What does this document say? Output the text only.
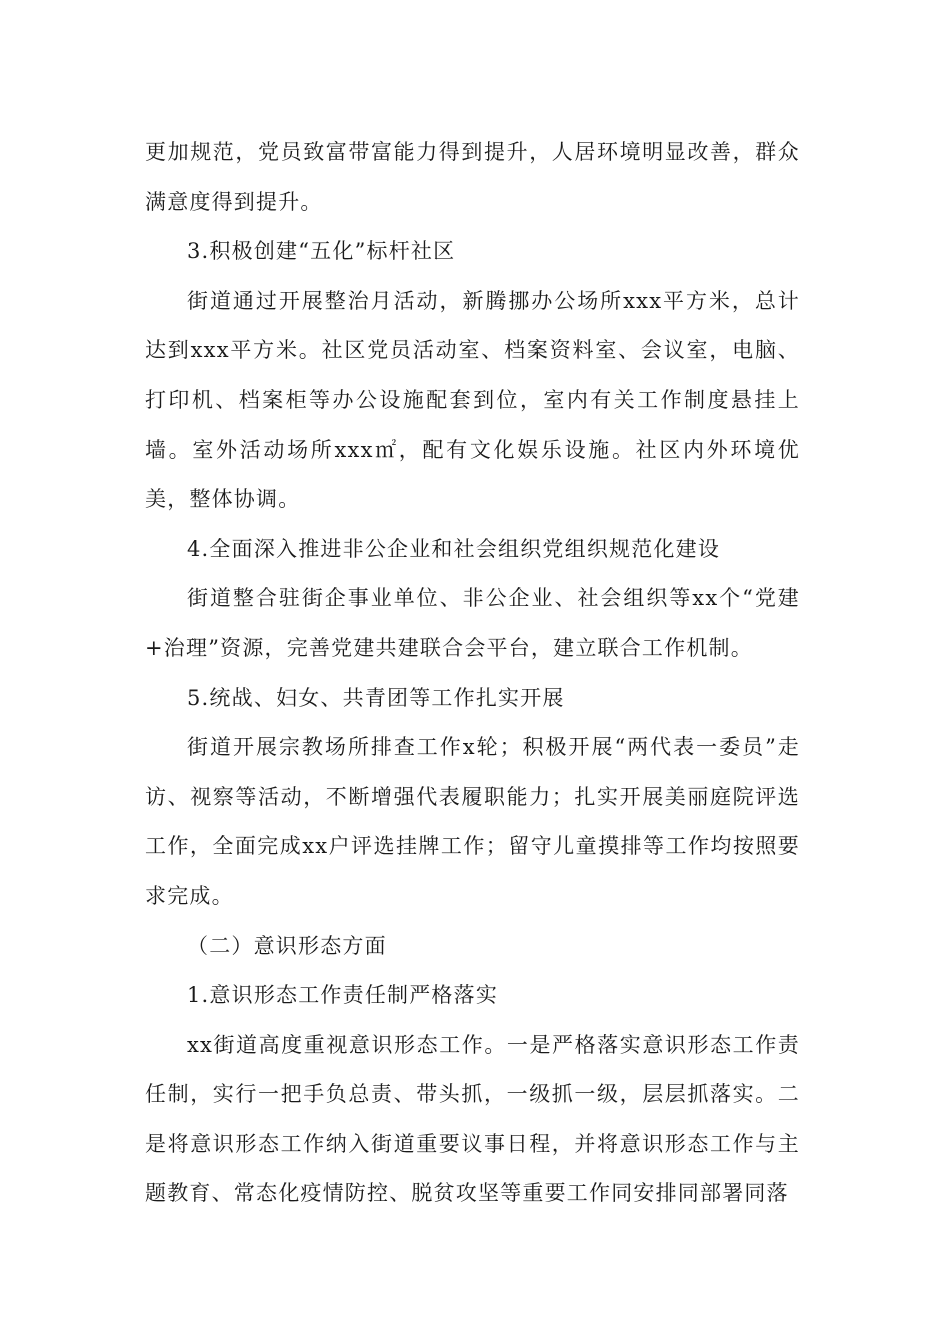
更加规范，党员致富带富能力得到提升，人居环境明显改善，群众满意度得到提升。

3.积极创建“五化”标杆社区

街道通过开展整治月活动，新腾挪办公场所xxx平方米，总计达到xxx平方米。社区党员活动室、档案资料室、会议室，电脑、打印机、档案柜等办公设施配套到位，室内有关工作制度悬挂上墙。室外活动场所xxx㎡，配有文化娱乐设施。社区内外环境优美，整体协调。

4.全面深入推进非公企业和社会组织党组织规范化建设

街道整合驻街企事业单位、非公企业、社会组织等xx个“党建+治理”资源，完善党建共建联合会平台，建立联合工作机制。

5.统战、妇女、共青团等工作扎实开展

街道开展宗教场所排查工作x轮；积极开展“两代表一委员”走访、视察等活动，不断增强代表履职能力；扎实开展美丽庭院评选工作，全面完成xx户评选挂牌工作；留守儿童摸排等工作均按照要求完成。

（二）意识形态方面

1.意识形态工作责任制严格落实

xx街道高度重视意识形态工作。一是严格落实意识形态工作责任制，实行一把手负总责、带头抓，一级抓一级，层层抓落实。二是将意识形态工作纳入街道重要议事日程，并将意识形态工作与主题教育、常态化疫情防控、脱贫攻坚等重要工作同安排同部署同落
